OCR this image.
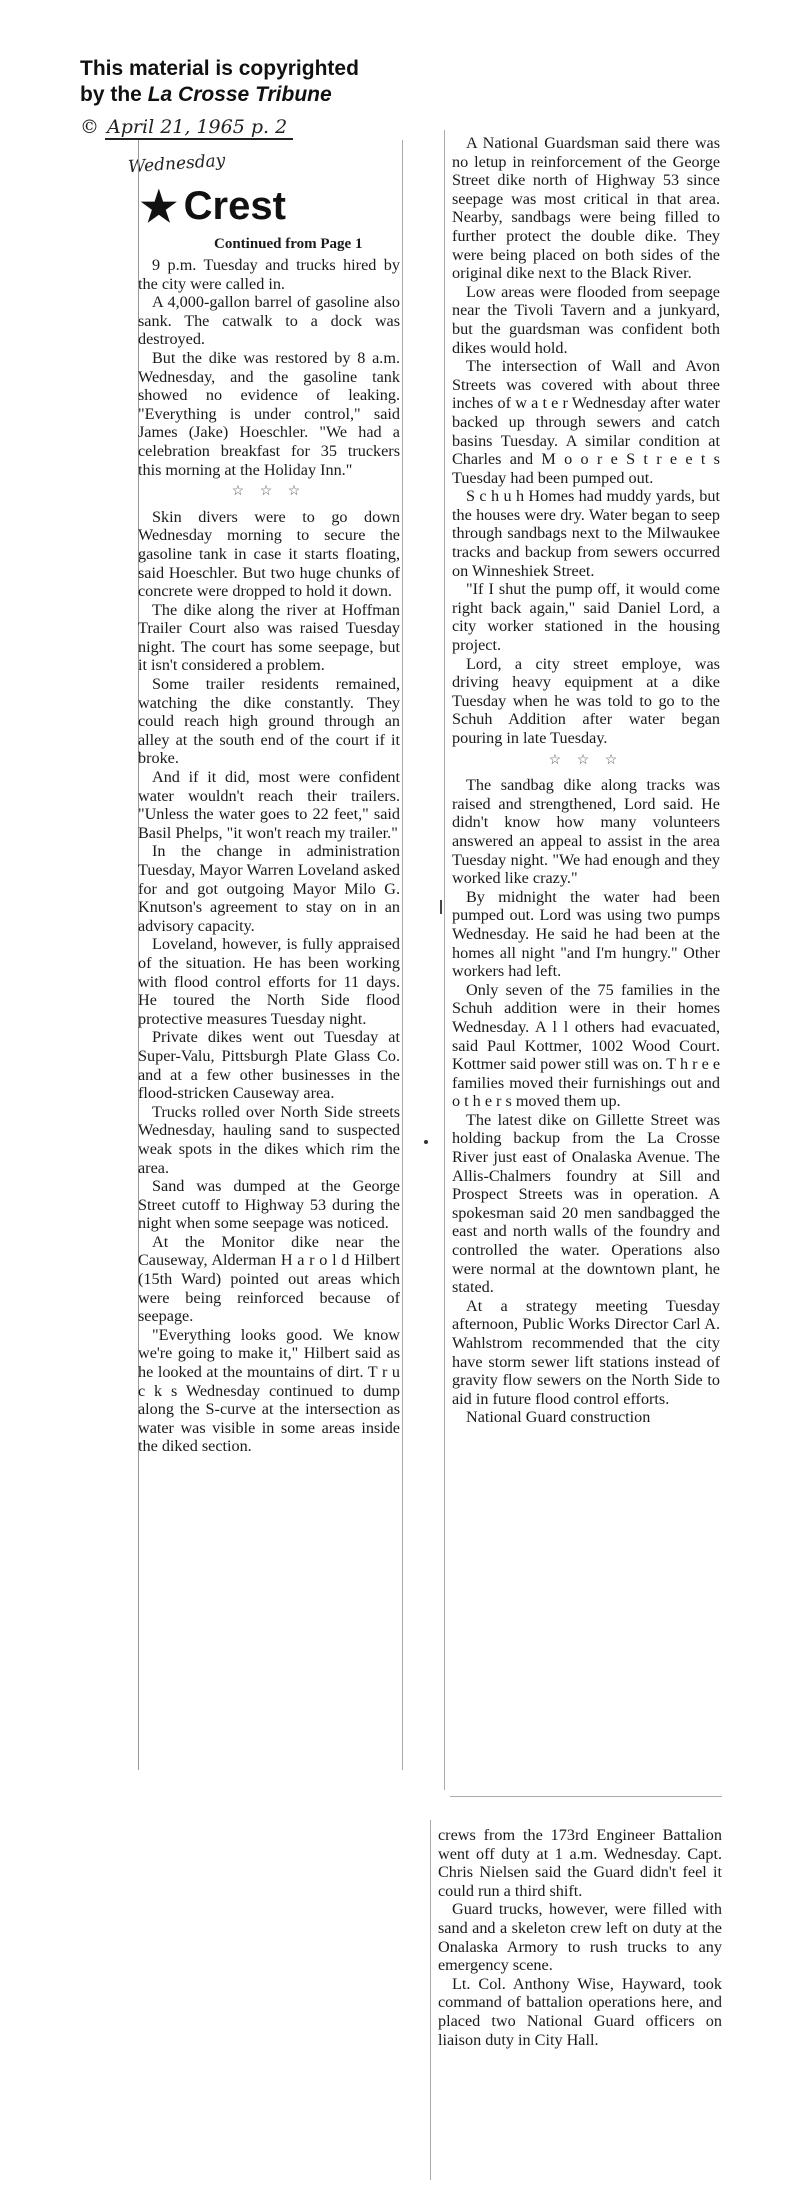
This material is copyrighted
by the La Crosse Tribune
© April 21, 1965 p. 2
Wednesday
★ Crest
Continued from Page 1

9 p.m. Tuesday and trucks hired by the city were called in.

A 4,000-gallon barrel of gasoline also sank. The catwalk to a dock was destroyed.

But the dike was restored by 8 a.m. Wednesday, and the gasoline tank showed no evidence of leaking. "Everything is under control," said James (Jake) Hoeschler. "We had a celebration breakfast for 35 truckers this morning at the Holiday Inn."

☆ ☆ ☆

Skin divers were to go down Wednesday morning to secure the gasoline tank in case it starts floating, said Hoeschler. But two huge chunks of concrete were dropped to hold it down.

The dike along the river at Hoffman Trailer Court also was raised Tuesday night. The court has some seepage, but it isn't considered a problem.

Some trailer residents remained, watching the dike constantly. They could reach high ground through an alley at the south end of the court if it broke.

And if it did, most were confident water wouldn't reach their trailers. "Unless the water goes to 22 feet," said Basil Phelps, "it won't reach my trailer."

In the change in administration Tuesday, Mayor Warren Loveland asked for and got outgoing Mayor Milo G. Knutson's agreement to stay on in an advisory capacity.

Loveland, however, is fully appraised of the situation. He has been working with flood control efforts for 11 days. He toured the North Side flood protective measures Tuesday night.

Private dikes went out Tuesday at Super-Valu, Pittsburgh Plate Glass Co. and at a few other businesses in the flood-stricken Causeway area.

Trucks rolled over North Side streets Wednesday, hauling sand to suspected weak spots in the dikes which rim the area.

Sand was dumped at the George Street cutoff to Highway 53 during the night when some seepage was noticed.

At the Monitor dike near the Causeway, Alderman H a r o l d Hilbert (15th Ward) pointed out areas which were being reinforced because of seepage.

"Everything looks good. We know we're going to make it," Hilbert said as he looked at the mountains of dirt. T r u c k s Wednesday continued to dump along the S-curve at the intersection as water was visible in some areas inside the diked section.

A National Guardsman said there was no letup in reinforcement of the George Street dike north of Highway 53 since seepage was most critical in that area. Nearby, sandbags were being filled to further protect the double dike. They were being placed on both sides of the original dike next to the Black River.

Low areas were flooded from seepage near the Tivoli Tavern and a junkyard, but the guardsman was confident both dikes would hold.

The intersection of Wall and Avon Streets was covered with about three inches of w a t e r Wednesday after water backed up through sewers and catch basins Tuesday. A similar condition at Charles and M o o r e S t r e e t s Tuesday had been pumped out.

S c h u h Homes had muddy yards, but the houses were dry. Water began to seep through sandbags next to the Milwaukee tracks and backup from sewers occurred on Winneshiek Street.

"If I shut the pump off, it would come right back again," said Daniel Lord, a city worker stationed in the housing project.

Lord, a city street employe, was driving heavy equipment at a dike Tuesday when he was told to go to the Schuh Addition after water began pouring in late Tuesday.

☆ ☆ ☆

The sandbag dike along tracks was raised and strengthened, Lord said. He didn't know how many volunteers answered an appeal to assist in the area Tuesday night. "We had enough and they worked like crazy."

By midnight the water had been pumped out. Lord was using two pumps Wednesday. He said he had been at the homes all night "and I'm hungry." Other workers had left.

Only seven of the 75 families in the Schuh addition were in their homes Wednesday. A l l others had evacuated, said Paul Kottmer, 1002 Wood Court. Kottmer said power still was on. T h r e e families moved their furnishings out and o t h e r s moved them up.

The latest dike on Gillette Street was holding backup from the La Crosse River just east of Onalaska Avenue. The Allis-Chalmers foundry at Sill and Prospect Streets was in operation. A spokesman said 20 men sandbagged the east and north walls of the foundry and controlled the water. Operations also were normal at the downtown plant, he stated.

At a strategy meeting Tuesday afternoon, Public Works Director Carl A. Wahlstrom recommended that the city have storm sewer lift stations instead of gravity flow sewers on the North Side to aid in future flood control efforts.

National Guard construction

crews from the 173rd Engineer Battalion went off duty at 1 a.m. Wednesday. Capt. Chris Nielsen said the Guard didn't feel it could run a third shift.

Guard trucks, however, were filled with sand and a skeleton crew left on duty at the Onalaska Armory to rush trucks to any emergency scene.

Lt. Col. Anthony Wise, Hayward, took command of battalion operations here, and placed two National Guard officers on liaison duty in City Hall.
